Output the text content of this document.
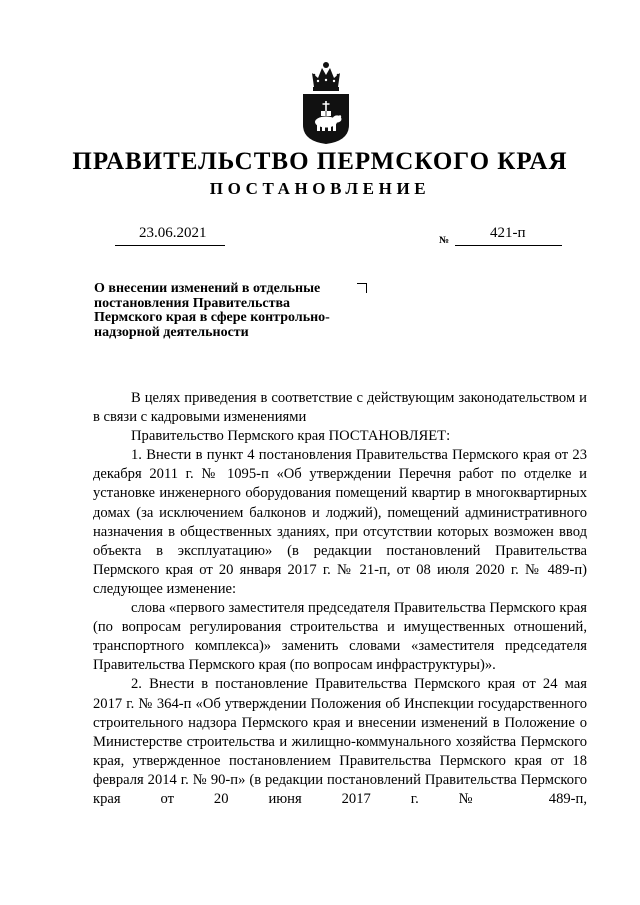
ПРАВИТЕЛЬСТВО ПЕРМСКОГО КРАЯ
ПОСТАНОВЛЕНИЕ
23.06.2021	№	421-п
О внесении изменений в отдельные
постановления Правительства
Пермского края в сфере контрольно-
надзорной деятельности

В целях приведения в соответствие с действующим законодательством и в связи с кадровыми изменениями

Правительство Пермского края ПОСТАНОВЛЯЕТ:

1. Внести в пункт 4 постановления Правительства Пермского края от 23 декабря 2011 г. № 1095-п «Об утверждении Перечня работ по отделке и установке инженерного оборудования помещений квартир в многоквартирных домах (за исключением балконов и лоджий), помещений административного назначения в общественных зданиях, при отсутствии которых возможен ввод объекта в эксплуатацию» (в редакции постановлений Правительства Пермского края от 20 января 2017 г. № 21-п, от 08 июля 2020 г. № 489-п) следующее изменение:

слова «первого заместителя председателя Правительства Пермского края (по вопросам регулирования строительства и имущественных отношений, транспортного комплекса)» заменить словами «заместителя председателя Правительства Пермского края (по вопросам инфраструктуры)».

2. Внести в постановление Правительства Пермского края от 24 мая 2017 г. № 364-п «Об утверждении Положения об Инспекции государственного строительного надзора Пермского края и внесении изменений в Положение о Министерстве строительства и жилищно-коммунального хозяйства Пермского края, утвержденное постановлением Правительства Пермского края от 18 февраля 2014 г. № 90-п» (в редакции постановлений Правительства Пермского края от 20 июня 2017 г. № 489-п,
